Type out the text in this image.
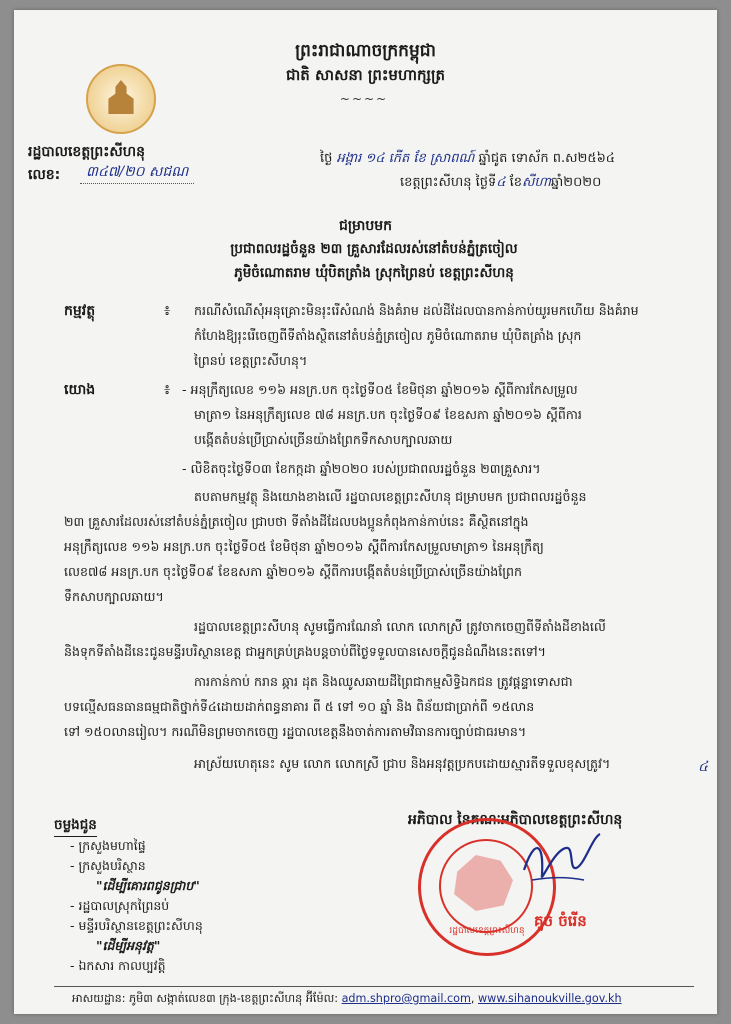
ព្រះរាជាណាចក្រកម្ពុជា
ជាតិ សាសនា ព្រះមហាក្សត្រ
~~~~
រដ្ឋបាលខេត្តព្រះសីហនុ
លេខ:	៣៤៧/២០ ​​​សជណ
ថ្ងៃ អង្គារ ១៤ កើត ខែ ស្រាពណ៍ ឆ្នាំជូត ទោស័ក ព.ស២៥៦៤
ខេត្តព្រះសីហនុ ថ្ងៃទី៤ ខែសីហាឆ្នាំ២០២០
ជម្រាបមក
ប្រជាពលរដ្ឋចំនួន ២៣ គ្រួសារដែលរស់នៅតំបន់ភ្នំត្រចៀល
ភូមិចំណោតរាម ឃុំបិតត្រាំង ស្រុកព្រៃនប់ ខេត្តព្រះសីហនុ
កម្មវត្ថុ	៖ ករណីសំណើសុំអនុគ្រោះមិនរុះរើសំណង់ និងគំរាម ដល់ដីដែលបានកាន់កាប់យូរមកហើយ និងគំរាម
កំហែងឱ្យរុះរើចេញពីទីតាំងស្ថិតនៅតំបន់ភ្នំត្រចៀល ភូមិចំណោតរាម ឃុំបិតត្រាំង ស្រុក
ព្រៃនប់ ខេត្តព្រះសីហនុ។
យោង	៖ - អនុក្រឹត្យលេខ ១១៦ អនក្រ.បក ចុះថ្ងៃទី០៥ ខែមិថុនា ឆ្នាំ២០១៦ ស្តីពីការកែសម្រួល
មាត្រា១ នៃអនុក្រឹត្យលេខ ៧៨ អនក្រ.បក ចុះថ្ងៃទី០៩ ខែឧសភា ឆ្នាំ២០១៦ ស្តីពីការ
បង្កើតតំបន់ប្រើប្រាស់ច្រើនយ៉ាងព្រែកទឹកសាបក្បាលឆាយ
- លិខិតចុះថ្ងៃទី០៣ ខែកក្កដា ឆ្នាំ២០២០ របស់ប្រជាពលរដ្ឋចំនួន ២៣គ្រួសារ។
តបតាមកម្មវត្ថុ និងយោងខាងលើ រដ្ឋបាលខេត្តព្រះសីហនុ ជម្រាបមក ប្រជាពលរដ្ឋចំនួន
២៣ គ្រួសារដែលរស់នៅតំបន់ភ្នំត្រចៀល ជ្រាបថា ទីតាំងដីដែលបងប្អូនកំពុងកាន់កាប់នេះ គឺស្ថិតនៅក្នុង
អនុក្រឹត្យលេខ ១១៦ អនក្រ.បក ចុះថ្ងៃទី០៥ ខែមិថុនា ឆ្នាំ២០១៦ ស្តីពីការកែសម្រួលមាត្រា១ នៃអនុក្រឹត្យ
លេខ៧៨ អនក្រ.បក ចុះថ្ងៃទី០៩ ខែឧសភា ឆ្នាំ២០១៦ ស្តីពីការបង្កើតតំបន់ប្រើប្រាស់ច្រើនយ៉ាងព្រែក
ទឹកសាបក្បាលឆាយ។
រដ្ឋបាលខេត្តព្រះសីហនុ សូមធ្វើការណែនាំ លោក លោកស្រី ត្រូវចាកចេញពីទីតាំងដីខាងលើ
និងទុកទីតាំងដីនេះជូនមន្ទីរបរិស្ថានខេត្ត ជាអ្នកគ្រប់គ្រងបន្តចាប់ពីថ្ងៃទទួលបានសេចក្តីជូនដំណឹងនេះតទៅ។
ការកាន់កាប់ ករាន ឆ្ការ ដុត និងឈូសឆាយដីព្រៃជាកម្មសិទ្ធិឯកជន ត្រូវផ្តន្ទាទោសជា
បទល្មើសធនធានធម្មជាតិថ្នាក់ទី៤ដោយដាក់ពន្ធនាគារ ពី ៥ ទៅ ១០ ឆ្នាំ និង ពិន័យជាប្រាក់ពី ១៥លាន
ទៅ ១៥០លានរៀល។ ករណីមិនព្រមចាកចេញ រដ្ឋបាលខេត្តនឹងចាត់ការតាមវិធានការច្បាប់ជាធរមាន។
អាស្រ័យហេតុនេះ សូម លោក លោកស្រី ជ្រាប និងអនុវត្តប្រកបដោយស្មារតីទទួលខុសត្រូវ។	៤
អភិបាល នៃគណៈអភិបាលខេត្តព្រះសីហនុ
រដ្ឋបាលខេត្តព្រះសីហនុ
គួច ចំរើន
ចម្លងជូន
- ក្រសួងមហាផ្ទៃ
- ក្រសួងបរិស្ថាន
"ដើម្បីគោរពជូនជ្រាប"
- រដ្ឋបាលស្រុកព្រៃនប់
- មន្ទីរបរិស្ថានខេត្តព្រះសីហនុ
"ដើម្បីអនុវត្ត"
- ឯកសារ កាលប្បវត្តិ
អាសយដ្ឋាន: ភូមិ៣ សង្កាត់លេខ៣ ក្រុង-ខេត្តព្រះសីហនុ អ៊ីម៉ែល: adm.shpro@gmail.com, www.sihanoukville.gov.kh
